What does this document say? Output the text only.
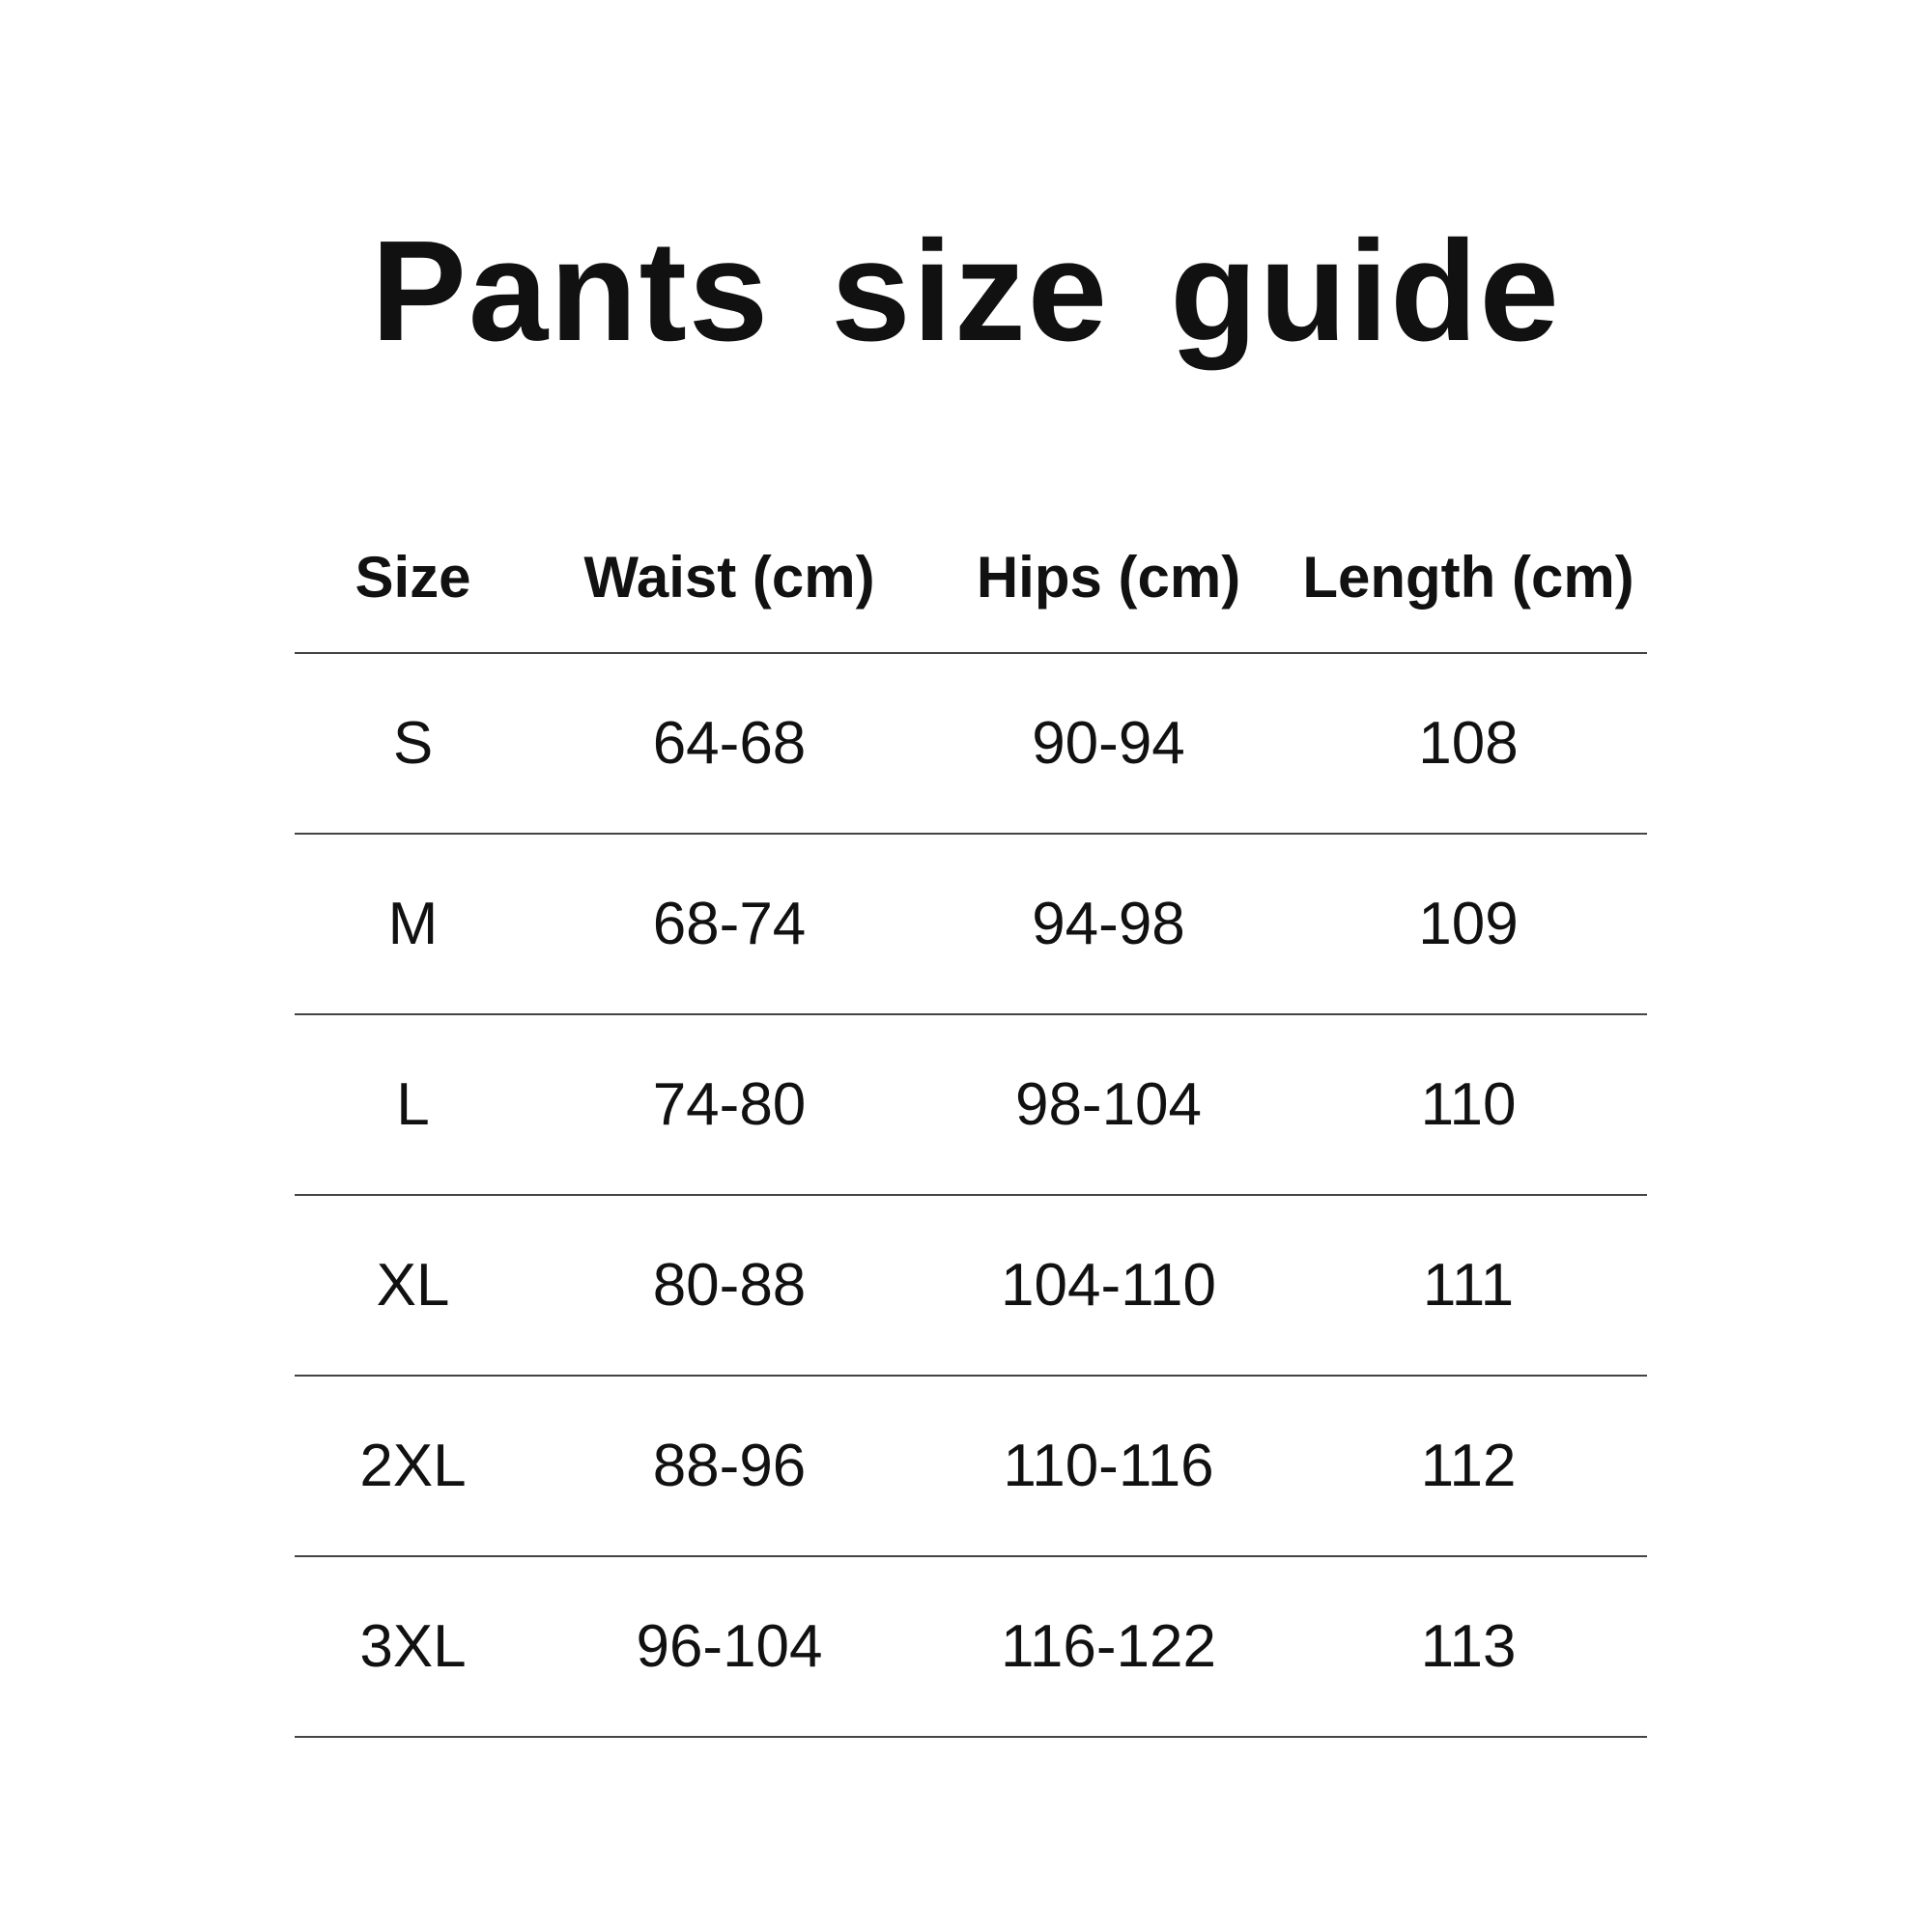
Pants size guide
Size	Waist (cm)	Hips (cm)	Length (cm)
S	64-68	90-94	108
M	68-74	94-98	109
L	74-80	98-104	110
XL	80-88	104-110	111
2XL	88-96	110-116	112
3XL	96-104	116-122	113
